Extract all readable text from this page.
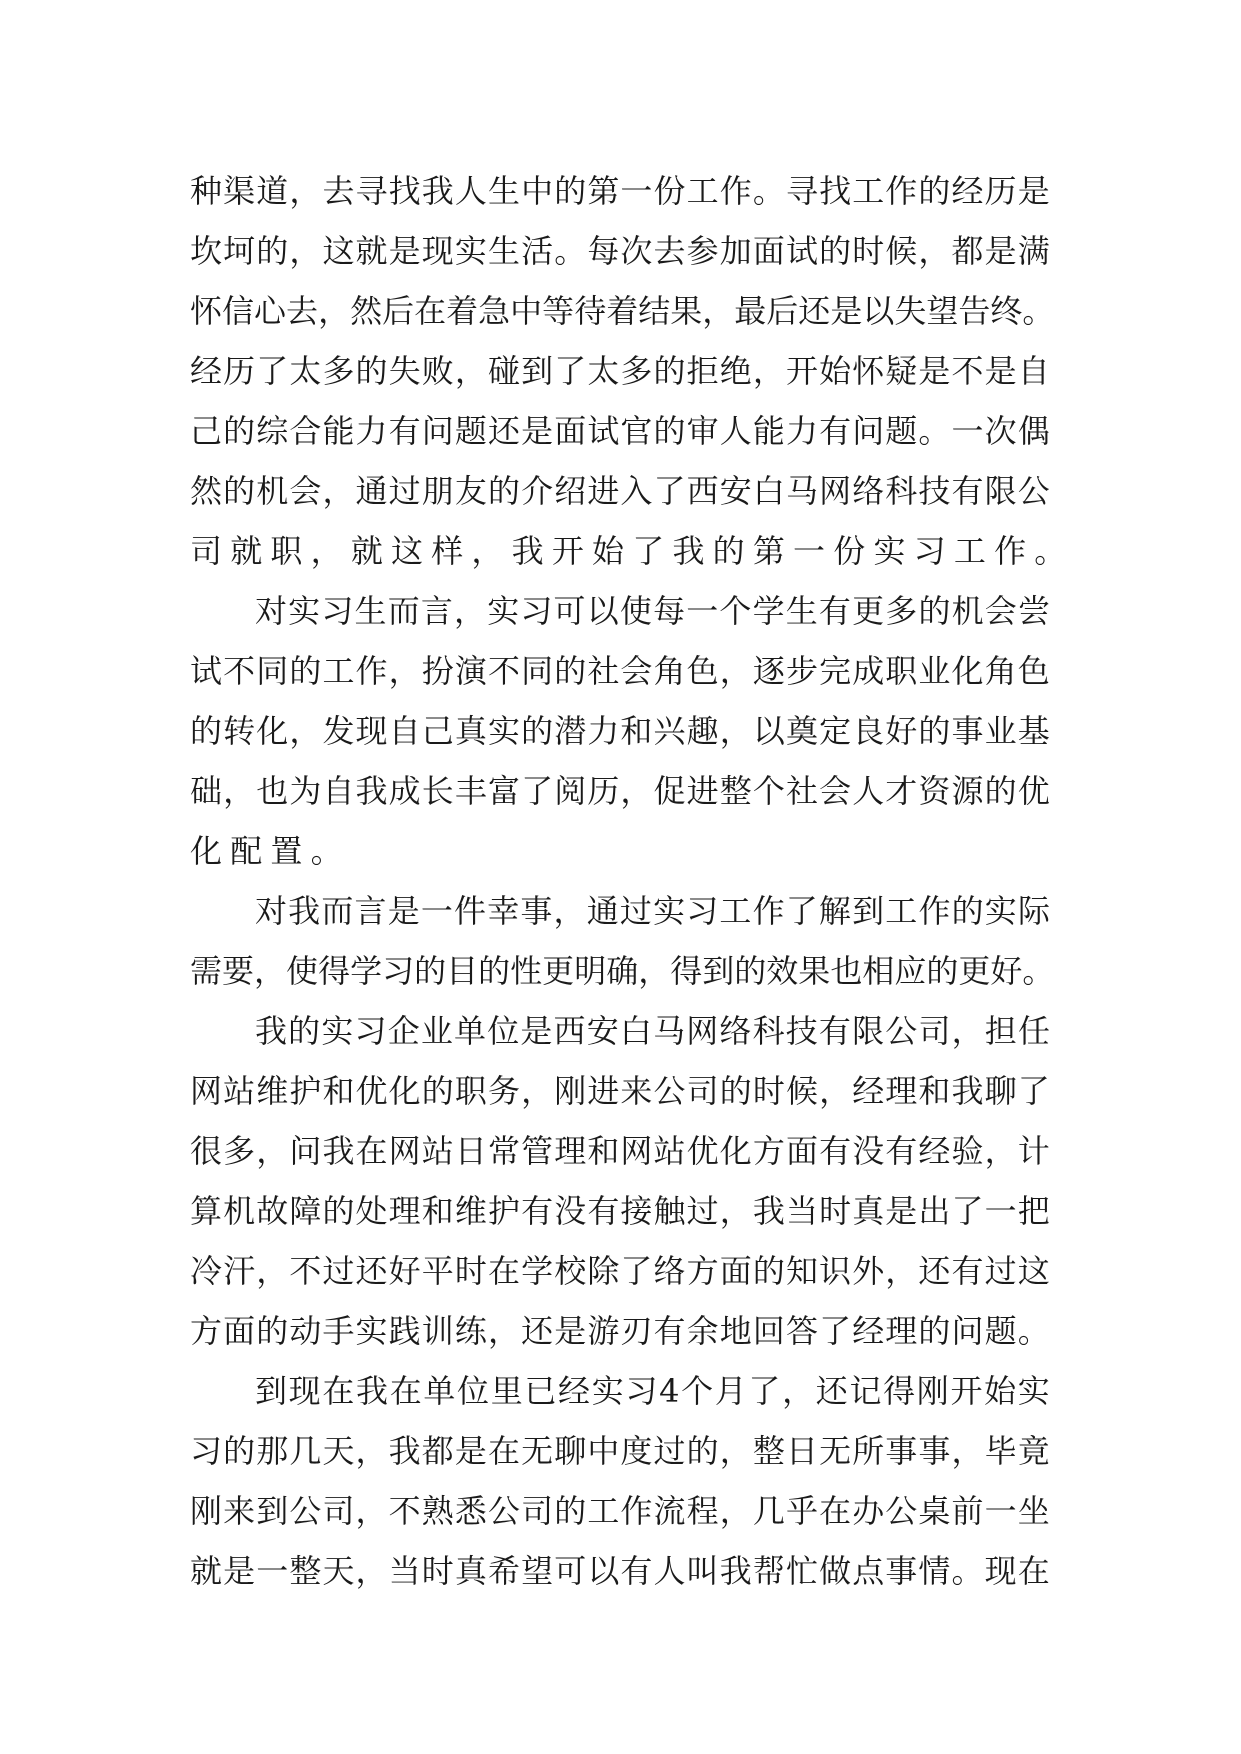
种 渠 道 ， 去 寻 找 我 人 生 中 的 第 一 份 工 作 。 寻 找 工 作 的 经 历 是
坎 坷 的 ， 这 就 是 现 实 生 活 。 每 次 去 参 加 面 试 的 时 候 ， 都 是 满
怀 信 心 去 ， 然 后 在 着 急 中 等 待 着 结 果 ， 最 后 还 是 以 失 望 告 终 。
经 历 了 太 多 的 失 败 ， 碰 到 了 太 多 的 拒 绝 ， 开 始 怀 疑 是 不 是 自
己 的 综 合 能 力 有 问 题 还 是 面 试 官 的 审 人 能 力 有 问 题 。 一 次 偶
然 的 机 会 ， 通 过 朋 友 的 介 绍 进 入 了 西 安 白 马 网 络 科 技 有 限 公
司 就 职 ， 就 这 样 ， 我 开 始 了 我 的 第 一 份 实 习 工 作 。
对 实 习 生 而 言 ， 实 习 可 以 使 每 一 个 学 生 有 更 多 的 机 会 尝
试 不 同 的 工 作 ， 扮 演 不 同 的 社 会 角 色 ， 逐 步 完 成 职 业 化 角 色
的 转 化 ， 发 现 自 己 真 实 的 潜 力 和 兴 趣 ， 以 奠 定 良 好 的 事 业 基
础 ， 也 为 自 我 成 长 丰 富 了 阅 历 ， 促 进 整 个 社 会 人 才 资 源 的 优
化 配 置 。
对 我 而 言 是 一 件 幸 事 ， 通 过 实 习 工 作 了 解 到 工 作 的 实 际
需 要 ， 使 得 学 习 的 目 的 性 更 明 确 ， 得 到 的 效 果 也 相 应 的 更 好 。
我 的 实 习 企 业 单 位 是 西 安 白 马 网 络 科 技 有 限 公 司 ， 担 任
网 站 维 护 和 优 化 的 职 务 ， 刚 进 来 公 司 的 时 候 ， 经 理 和 我 聊 了
很 多 ， 问 我 在 网 站 日 常 管 理 和 网 站 优 化 方 面 有 没 有 经 验 ， 计
算 机 故 障 的 处 理 和 维 护 有 没 有 接 触 过 ， 我 当 时 真 是 出 了 一 把
冷 汗 ， 不 过 还 好 平 时 在 学 校 除 了 络 方 面 的 知 识 外 ， 还 有 过 这
方 面 的 动 手 实 践 训 练 ， 还 是 游 刃 有 余 地 回 答 了 经 理 的 问 题 。
到 现 在 我 在 单 位 里 已 经 实 习 4 个 月 了 ， 还 记 得 刚 开 始 实
习 的 那 几 天 ， 我 都 是 在 无 聊 中 度 过 的 ， 整 日 无 所 事 事 ， 毕 竟
刚 来 到 公 司 ， 不 熟 悉 公 司 的 工 作 流 程 ， 几 乎 在 办 公 桌 前 一 坐
就 是 一 整 天 ， 当 时 真 希 望 可 以 有 人 叫 我 帮 忙 做 点 事 情 。 现 在
